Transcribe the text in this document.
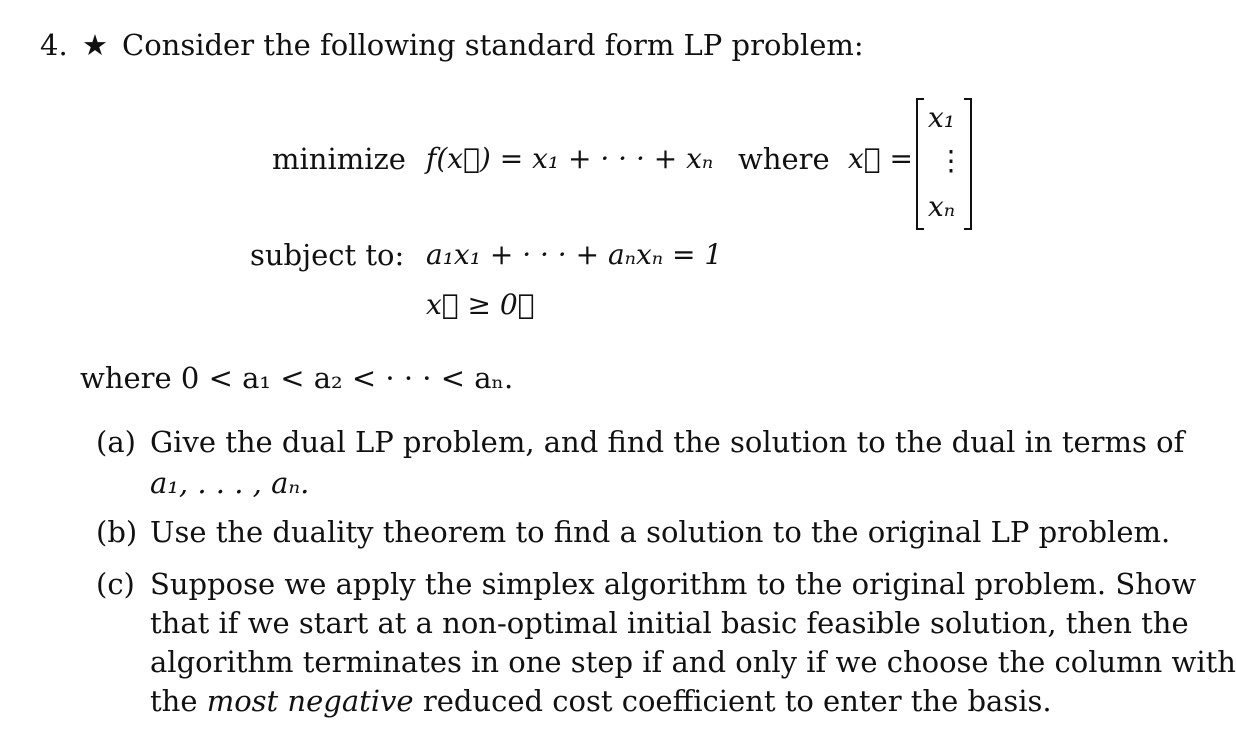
4. ★ Consider the following standard form LP problem:
minimize f(x⃗) = x₁ + · · · + xₙ where x⃗ =
x₁
⋮
xₙ
subject to: a₁x₁ + · · · + aₙxₙ = 1
x⃗ ≥ 0⃗
where 0 < a₁ < a₂ < · · · < aₙ.
(a) Give the dual LP problem, and find the solution to the dual in terms of
a₁, . . . , aₙ.
(b) Use the duality theorem to find a solution to the original LP problem.
(c) Suppose we apply the simplex algorithm to the original problem. Show
that if we start at a non-optimal initial basic feasible solution, then the
algorithm terminates in one step if and only if we choose the column with
the most negative reduced cost coefficient to enter the basis.
